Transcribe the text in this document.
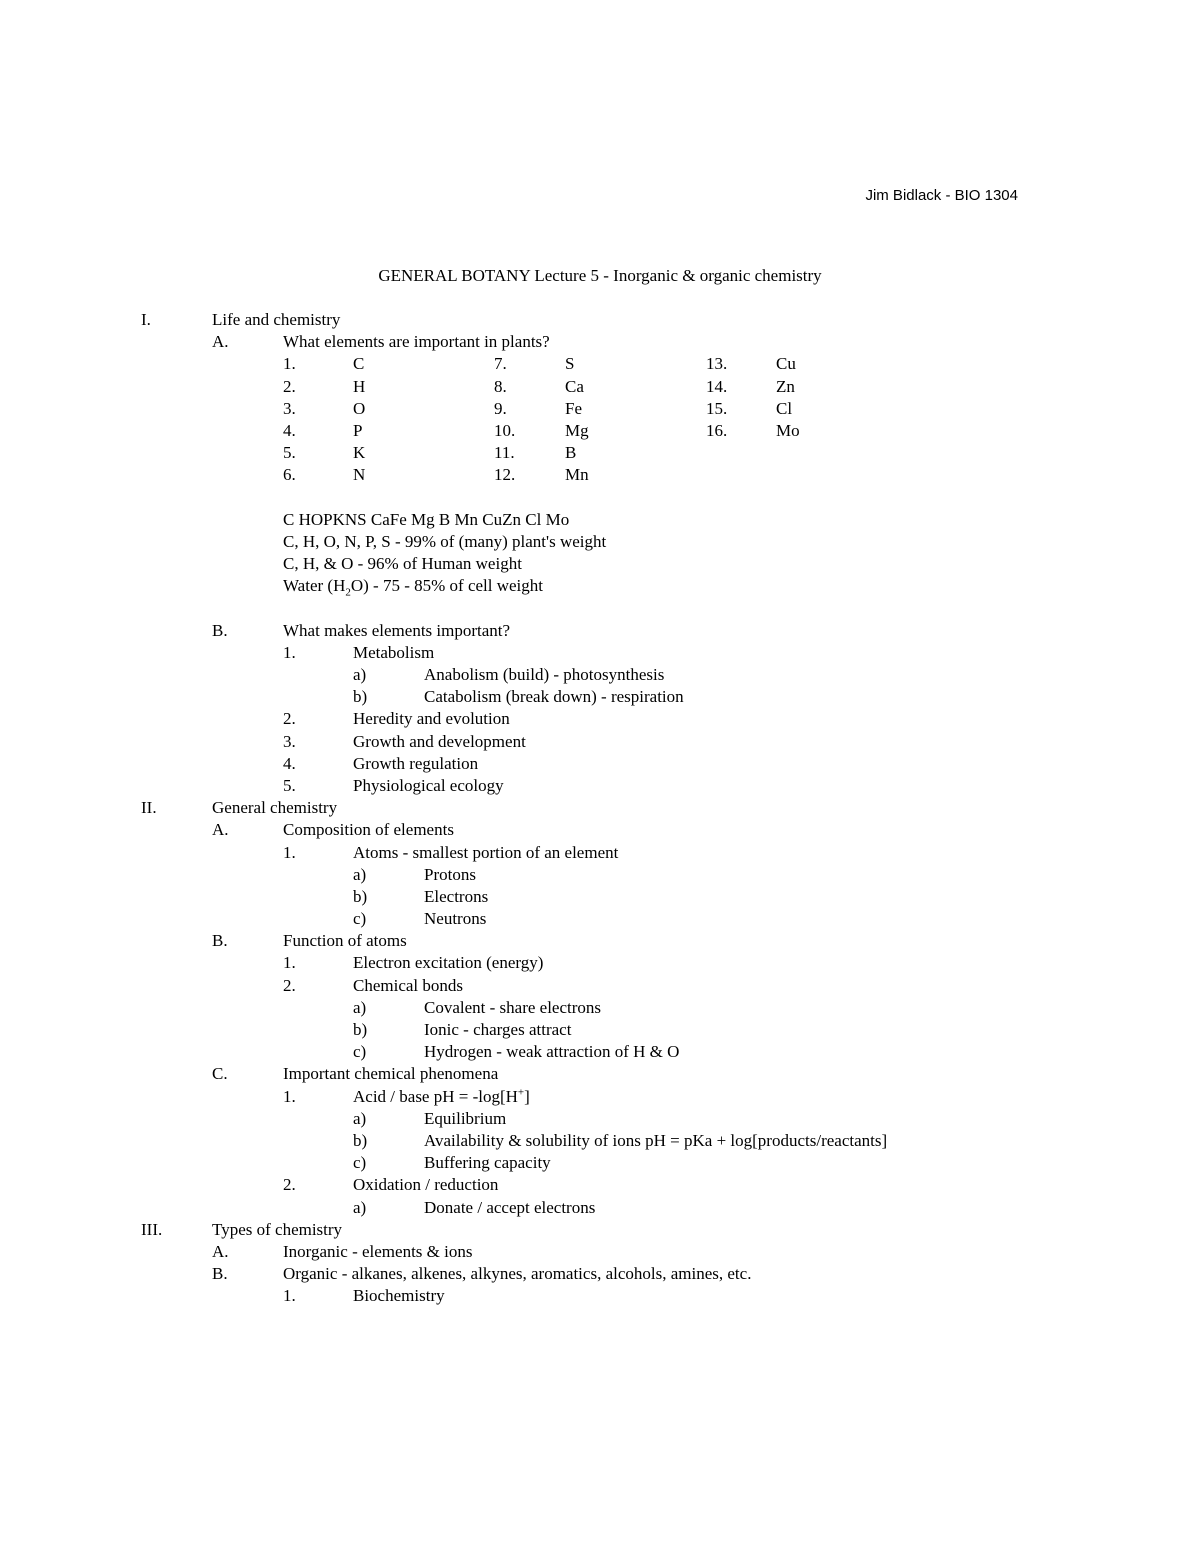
Jim Bidlack - BIO 1304
GENERAL BOTANY Lecture 5 - Inorganic & organic chemistry
I.	Life and chemistry
A.	What elements are important in plants?
1.	C	7.	S	13.	Cu
2.	H	8.	Ca	14.	Zn
3.	O	9.	Fe	15.	Cl
4.	P	10.	Mg	16.	Mo
5.	K	11.	B
6.	N	12.	Mn
C HOPKNS CaFe Mg B Mn CuZn Cl Mo
C, H, O, N, P, S - 99% of (many) plant's weight
C, H, & O - 96% of Human weight
Water $(H_2O) - 75 - 85\%$ of cell weight
B.	What makes elements important?
1.	Metabolism
a)	Anabolism (build) - photosynthesis
b)	Catabolism (break down) - respiration
2.	Heredity and evolution
3.	Growth and development
4.	Growth regulation
5.	Physiological ecology
II.	General chemistry
A.	Composition of elements
1.	Atoms - smallest portion of an element
a)	Protons
b)	Electrons
c)	Neutrons
B.	Function of atoms
1.	Electron excitation (energy)
2.	Chemical bonds
a)	Covalent - share electrons
b)	Ionic - charges attract
c)	Hydrogen - weak attraction of H & O
C.	Important chemical phenomena
1.	Acid / base pH = -log[H+]
a)	Equilibrium
b)	Availability & solubility of ions pH = pKa + log[products/reactants]
c)	Buffering capacity
2.	Oxidation / reduction
a)	Donate / accept electrons
III.	Types of chemistry
A.	Inorganic - elements & ions
B.	Organic - alkanes, alkenes, alkynes, aromatics, alcohols, amines, etc.
1.	Biochemistry
